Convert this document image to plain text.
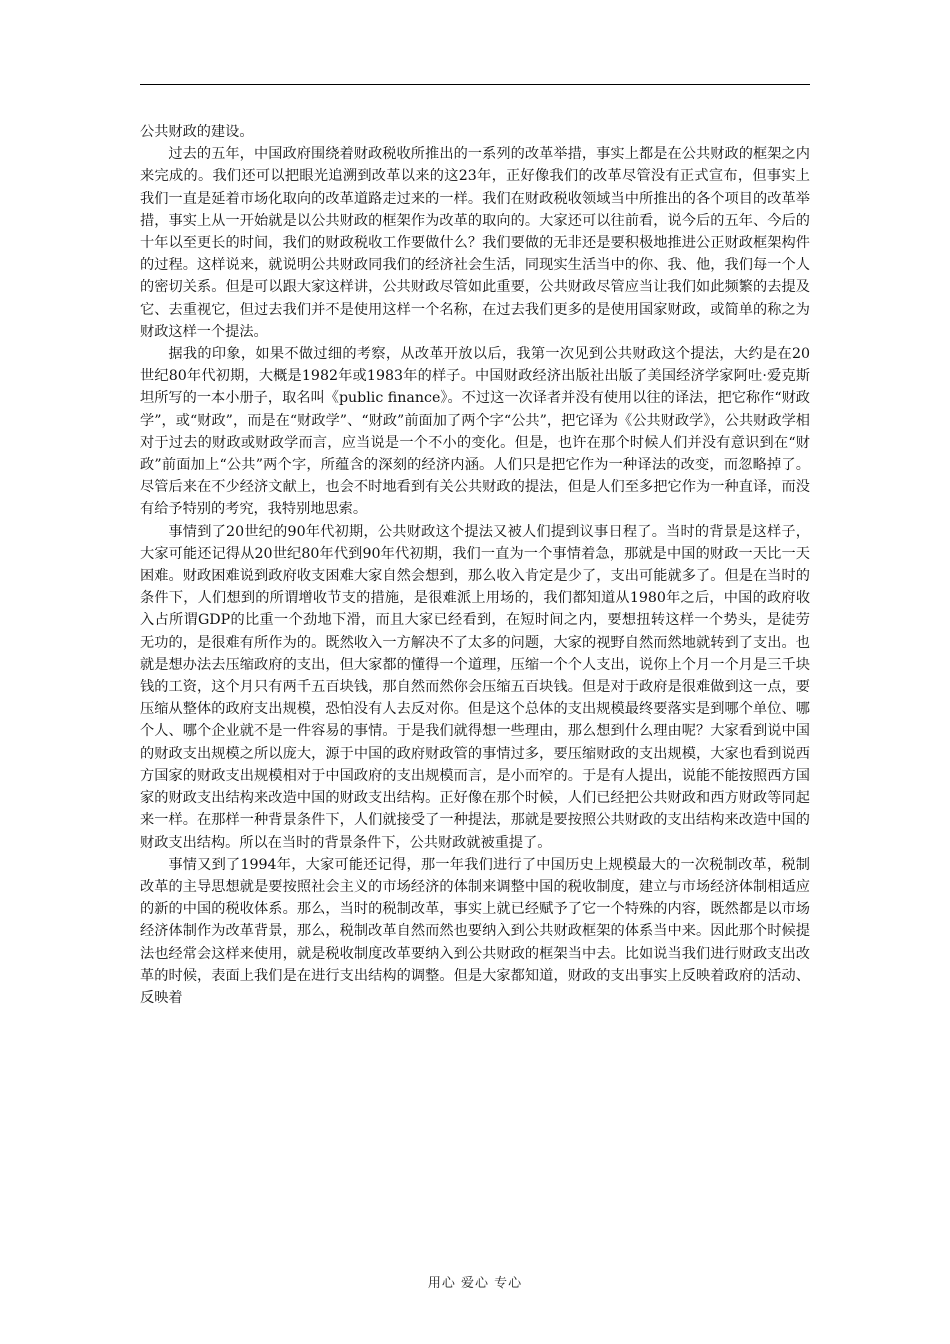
公共财政的建设。

过去的五年，中国政府围绕着财政税收所推出的一系列的改革举措，事实上都是在公共财政的框架之内来完成的。我们还可以把眼光追溯到改革以来的这23年，正好像我们的改革尽管没有正式宣布，但事实上我们一直是延着市场化取向的改革道路走过来的一样。我们在财政税收领域当中所推出的各个项目的改革举措，事实上从一开始就是以公共财政的框架作为改革的取向的。大家还可以往前看，说今后的五年、今后的十年以至更长的时间，我们的财政税收工作要做什么？我们要做的无非还是要积极地推进公正财政框架构件的过程。这样说来，就说明公共财政同我们的经济社会生活，同现实生活当中的你、我、他，我们每一个人的密切关系。但是可以跟大家这样讲，公共财政尽管如此重要，公共财政尽管应当让我们如此频繁的去提及它、去重视它，但过去我们并不是使用这样一个名称，在过去我们更多的是使用国家财政，或简单的称之为财政这样一个提法。

据我的印象，如果不做过细的考察，从改革开放以后，我第一次见到公共财政这个提法，大约是在20世纪80年代初期，大概是1982年或1983年的样子。中国财政经济出版社出版了美国经济学家阿吐·爱克斯坦所写的一本小册子，取名叫《public finance》。不过这一次译者并没有使用以往的译法，把它称作“财政学”，或“财政”，而是在“财政学”、“财政”前面加了两个字“公共”，把它译为《公共财政学》，公共财政学相对于过去的财政或财政学而言，应当说是一个不小的变化。但是，也许在那个时候人们并没有意识到在“财政”前面加上“公共”两个字，所蕴含的深刻的经济内涵。人们只是把它作为一种译法的改变，而忽略掉了。尽管后来在不少经济文献上，也会不时地看到有关公共财政的提法，但是人们至多把它作为一种直译，而没有给予特别的考究，我特别地思索。

事情到了20世纪的90年代初期，公共财政这个提法又被人们提到议事日程了。当时的背景是这样子，大家可能还记得从20世纪80年代到90年代初期，我们一直为一个事情着急，那就是中国的财政一天比一天困难。财政困难说到政府收支困难大家自然会想到，那么收入肯定是少了，支出可能就多了。但是在当时的条件下，人们想到的所谓增收节支的措施，是很难派上用场的，我们都知道从1980年之后，中国的政府收入占所谓GDP的比重一个劲地下滑，而且大家已经看到，在短时间之内，要想扭转这样一个势头，是徒劳无功的，是很难有所作为的。既然收入一方解决不了太多的问题，大家的视野自然而然地就转到了支出。也就是想办法去压缩政府的支出，但大家都的懂得一个道理，压缩一个个人支出，说你上个月一个月是三千块钱的工资，这个月只有两千五百块钱，那自然而然你会压缩五百块钱。但是对于政府是很难做到这一点，要压缩从整体的政府支出规模，恐怕没有人去反对你。但是这个总体的支出规模最终要落实是到哪个单位、哪个人、哪个企业就不是一件容易的事情。于是我们就得想一些理由，那么想到什么理由呢？大家看到说中国的财政支出规模之所以庞大，源于中国的政府财政管的事情过多，要压缩财政的支出规模，大家也看到说西方国家的财政支出规模相对于中国政府的支出规模而言，是小而窄的。于是有人提出，说能不能按照西方国家的财政支出结构来改造中国的财政支出结构。正好像在那个时候，人们已经把公共财政和西方财政等同起来一样。在那样一种背景条件下，人们就接受了一种提法，那就是要按照公共财政的支出结构来改造中国的财政支出结构。所以在当时的背景条件下，公共财政就被重提了。

事情又到了1994年，大家可能还记得，那一年我们进行了中国历史上规模最大的一次税制改革，税制改革的主导思想就是要按照社会主义的市场经济的体制来调整中国的税收制度，建立与市场经济体制相适应的新的中国的税收体系。那么，当时的税制改革，事实上就已经赋予了它一个特殊的内容，既然都是以市场经济体制作为改革背景，那么，税制改革自然而然也要纳入到公共财政框架的体系当中来。因此那个时候提法也经常会这样来使用，就是税收制度改革要纳入到公共财政的框架当中去。比如说当我们进行财政支出改革的时候，表面上我们是在进行支出结构的调整。但是大家都知道，财政的支出事实上反映着政府的活动、反映着

用心 爱心 专心
